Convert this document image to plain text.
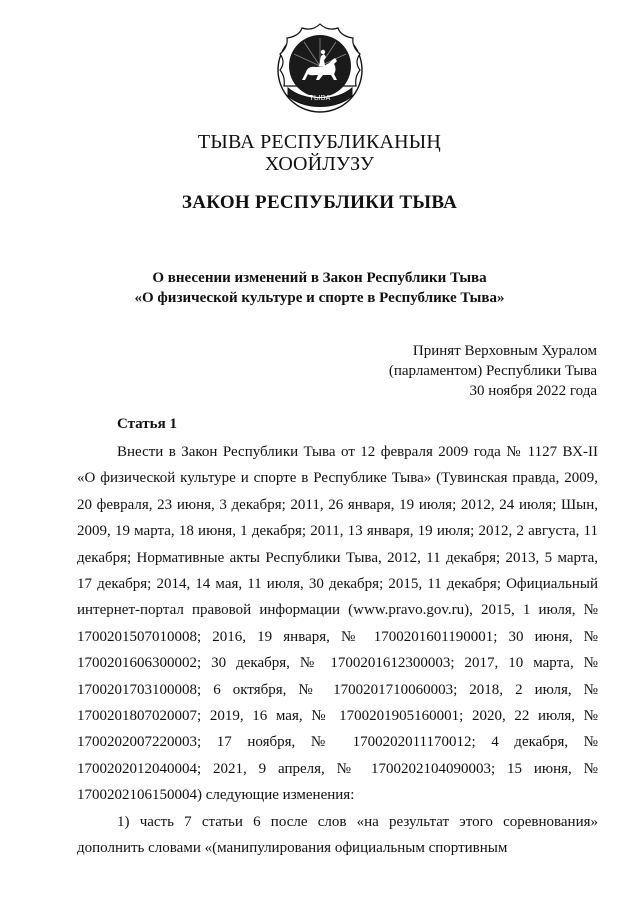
ТЫВА
ТЫВА РЕСПУБЛИКАНЫҢ
ХООЙЛУЗУ
ЗАКОН РЕСПУБЛИКИ ТЫВА
О внесении изменений в Закон Республики Тыва
«О физической культуре и спорте в Республике Тыва»
Принят Верховным Хуралом
(парламентом) Республики Тыва
30 ноября 2022 года
Статья 1

Внести в Закон Республики Тыва от 12 февраля 2009 года № 1127 ВХ-II «О физической культуре и спорте в Республике Тыва» (Тувинская правда, 2009, 20 февраля, 23 июня, 3 декабря; 2011, 26 января, 19 июля; 2012, 24 июля; Шын, 2009, 19 марта, 18 июня, 1 декабря; 2011, 13 января, 19 июля; 2012, 2 августа, 11 декабря; Нормативные акты Республики Тыва, 2012, 11 декабря; 2013, 5 марта, 17 декабря; 2014, 14 мая, 11 июля, 30 декабря; 2015, 11 декабря; Официальный интернет-портал правовой информации (www.pravo.gov.ru), 2015, 1 июля, № 1700201507010008; 2016, 19 января, № 1700201601190001; 30 июня, № 1700201606300002; 30 декабря, № 1700201612300003; 2017, 10 марта, № 1700201703100008; 6 октября, № 1700201710060003; 2018, 2 июля, № 1700201807020007; 2019, 16 мая, № 1700201905160001; 2020, 22 июля, № 1700202007220003; 17 ноября, № 1700202011170012; 4 декабря, № 1700202012040004; 2021, 9 апреля, № 1700202104090003; 15 июня, № 1700202106150004) следующие изменения:

1) часть 7 статьи 6 после слов «на результат этого соревнования» дополнить словами «(манипулирования официальным спортивным
